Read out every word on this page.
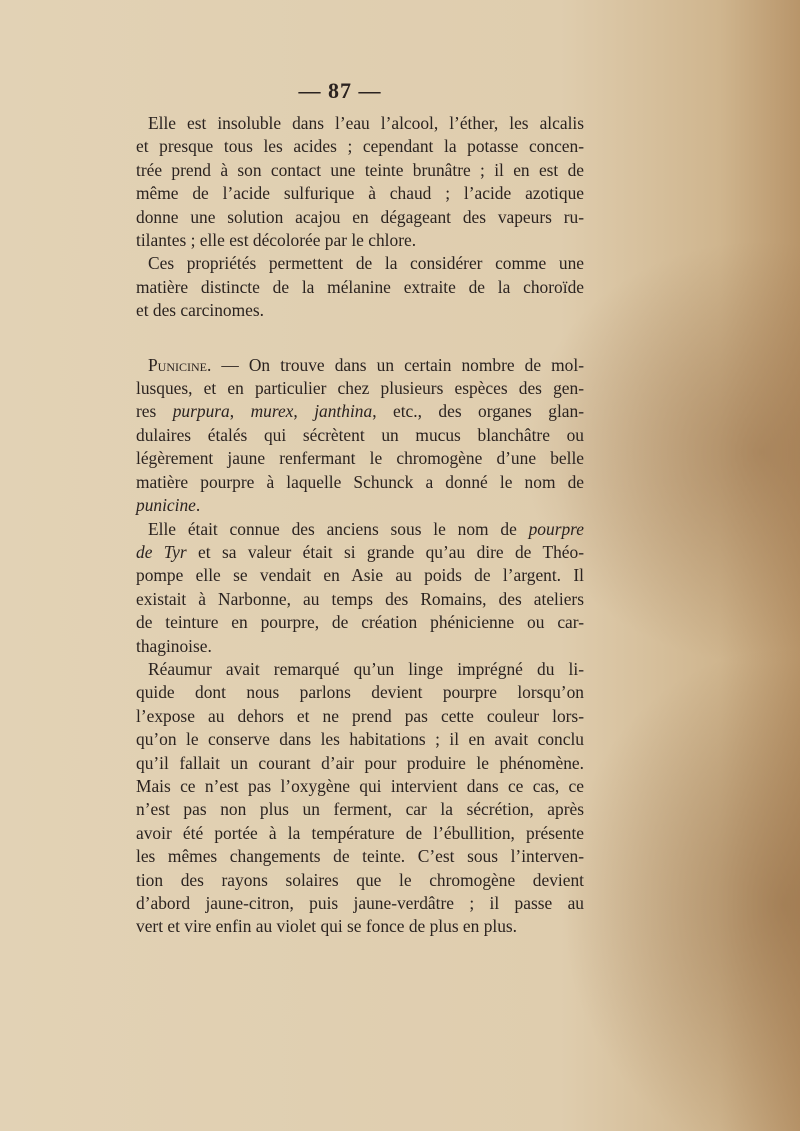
— 87 —
Elle est insoluble dans l’eau l’alcool, l’éther, les alcalis
et presque tous les acides ; cependant la potasse concen-
trée prend à son contact une teinte brunâtre ; il en est de
même de l’acide sulfurique à chaud ; l’acide azotique
donne une solution acajou en dégageant des vapeurs ru-
tilantes ; elle est décolorée par le chlore.
Ces propriétés permettent de la considérer comme une
matière distincte de la mélanine extraite de la choroïde
et des carcinomes.
Punicine. — On trouve dans un certain nombre de mol-
lusques, et en particulier chez plusieurs espèces des gen-
res purpura, murex, janthina, etc., des organes glan-
dulaires étalés qui sécrètent un mucus blanchâtre ou
légèrement jaune renfermant le chromogène d’une belle
matière pourpre à laquelle Schunck a donné le nom de
punicine.
Elle était connue des anciens sous le nom de pourpre
de Tyr et sa valeur était si grande qu’au dire de Théo-
pompe elle se vendait en Asie au poids de l’argent. Il
existait à Narbonne, au temps des Romains, des ateliers
de teinture en pourpre, de création phénicienne ou car-
thaginoise.
Réaumur avait remarqué qu’un linge imprégné du li-
quide dont nous parlons devient pourpre lorsqu’on
l’expose au dehors et ne prend pas cette couleur lors-
qu’on le conserve dans les habitations ; il en avait conclu
qu’il fallait un courant d’air pour produire le phénomène.
Mais ce n’est pas l’oxygène qui intervient dans ce cas, ce
n’est pas non plus un ferment, car la sécrétion, après
avoir été portée à la température de l’ébullition, présente
les mêmes changements de teinte. C’est sous l’interven-
tion des rayons solaires que le chromogène devient
d’abord jaune-citron, puis jaune-verdâtre ; il passe au
vert et vire enfin au violet qui se fonce de plus en plus.
